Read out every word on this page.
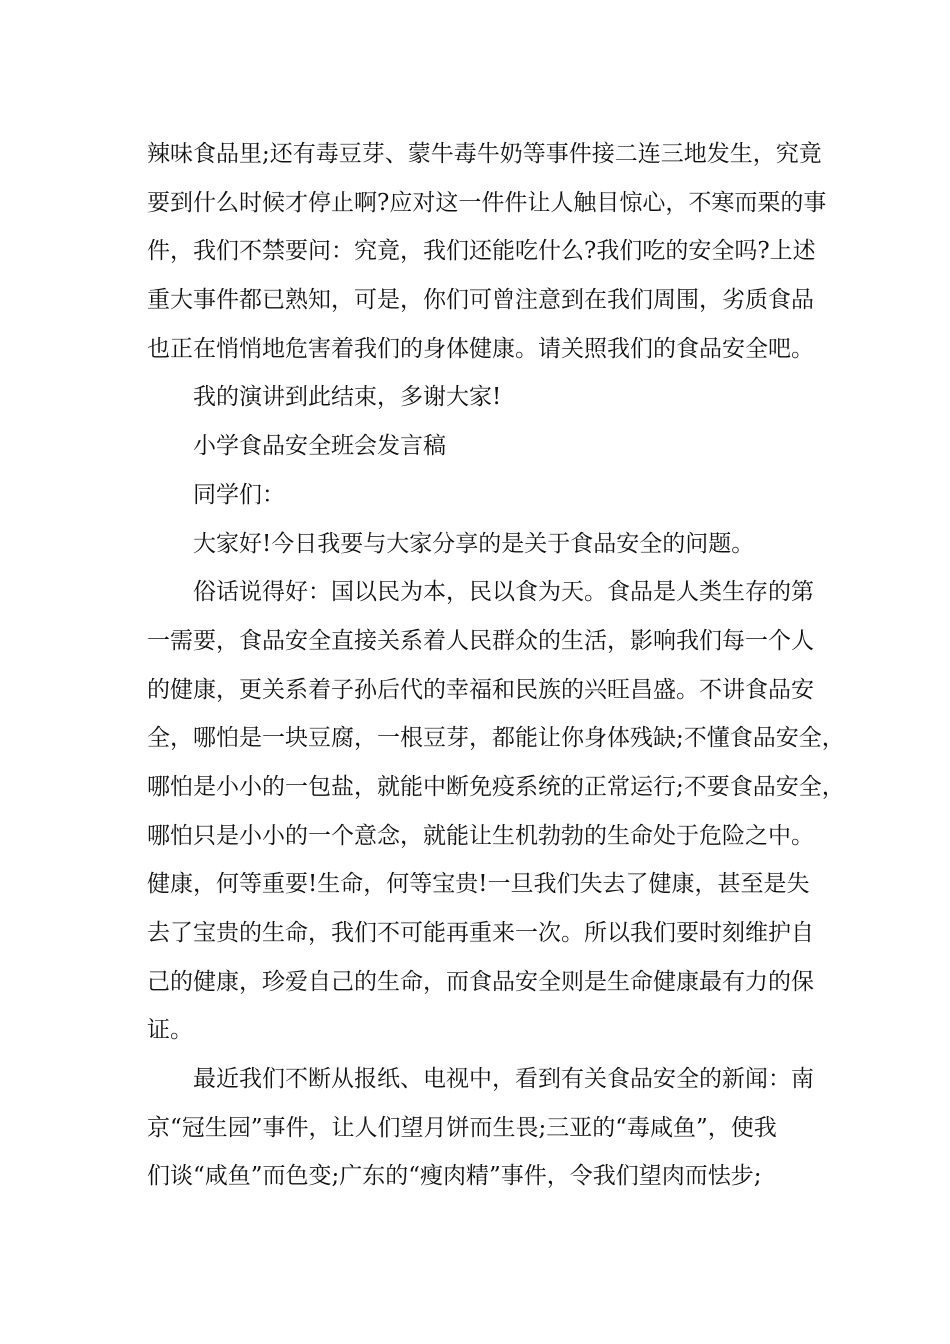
辣味食品里;还有毒豆芽、蒙牛毒牛奶等事件接二连三地发生，究竟
要到什么时候才停止啊?应对这一件件让人触目惊心，不寒而栗的事
件，我们不禁要问：究竟，我们还能吃什么?我们吃的安全吗?上述
重大事件都已熟知，可是，你们可曾注意到在我们周围，劣质食品
也正在悄悄地危害着我们的身体健康。请关照我们的食品安全吧。
我的演讲到此结束，多谢大家!
小学食品安全班会发言稿
同学们：
大家好!今日我要与大家分享的是关于食品安全的问题。
俗话说得好：国以民为本，民以食为天。食品是人类生存的第
一需要，食品安全直接关系着人民群众的生活，影响我们每一个人
的健康，更关系着子孙后代的幸福和民族的兴旺昌盛。不讲食品安
全，哪怕是一块豆腐，一根豆芽，都能让你身体残缺;不懂食品安全，
哪怕是小小的一包盐，就能中断免疫系统的正常运行;不要食品安全，
哪怕只是小小的一个意念，就能让生机勃勃的生命处于危险之中。
健康，何等重要!生命，何等宝贵!一旦我们失去了健康，甚至是失
去了宝贵的生命，我们不可能再重来一次。所以我们要时刻维护自
己的健康，珍爱自己的生命，而食品安全则是生命健康最有力的保
证。
最近我们不断从报纸、电视中，看到有关食品安全的新闻：南
京“冠生园”事件，让人们望月饼而生畏;三亚的“毒咸鱼”，使我
们谈“咸鱼”而色变;广东的“瘦肉精”事件，令我们望肉而怯步;
